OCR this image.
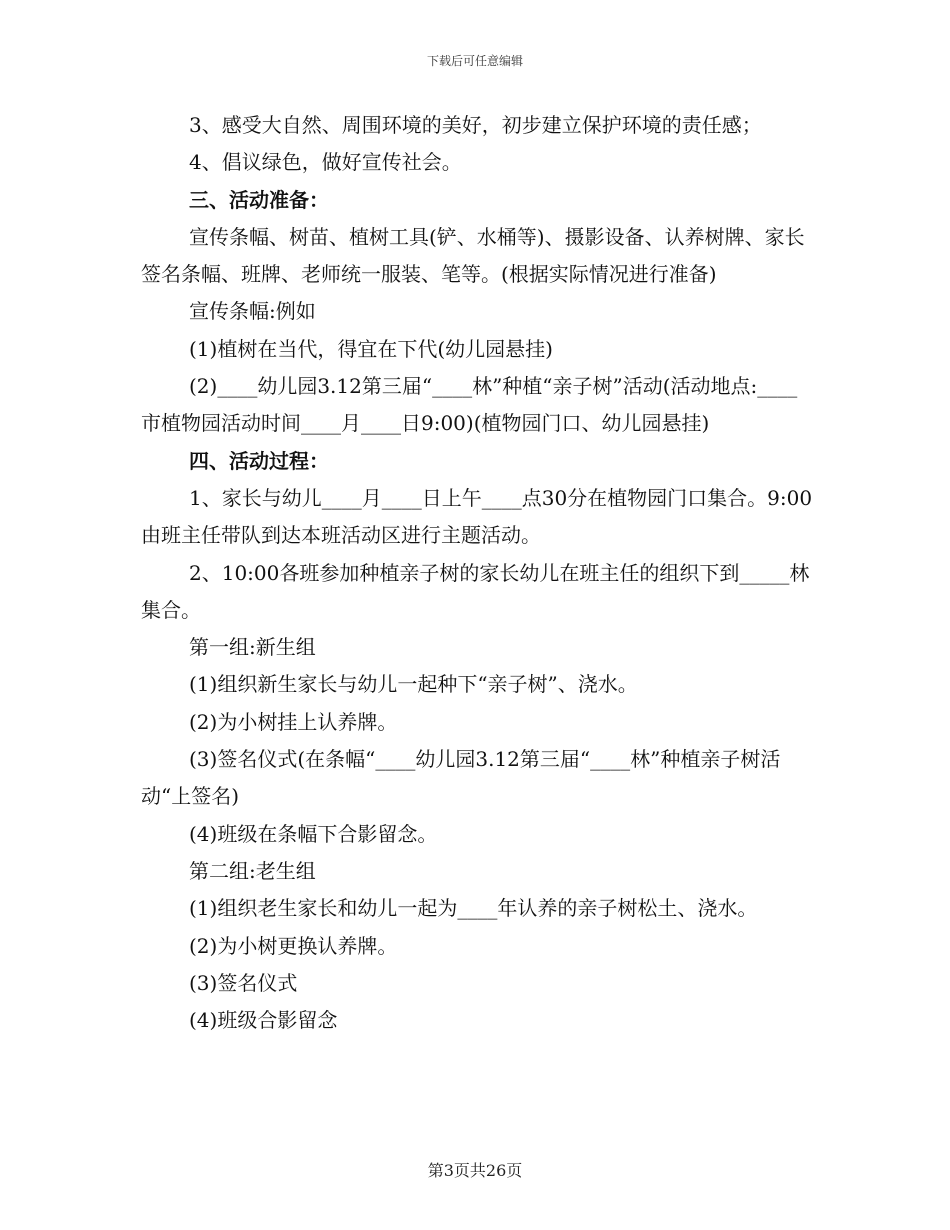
下载后可任意编辑

3、感受大自然、周围环境的美好，初步建立保护环境的责任感；

4、倡议绿色，做好宣传社会。

三、活动准备：

宣传条幅、树苗、植树工具(铲、水桶等)、摄影设备、认养树牌、家长签名条幅、班牌、老师统一服装、笔等。(根据实际情况进行准备)

宣传条幅:例如

(1)植树在当代，得宜在下代(幼儿园悬挂)

(2)____幼儿园3.12第三届“____林”种植“亲子树”活动(活动地点:____市植物园活动时间____月____日9:00)(植物园门口、幼儿园悬挂)

四、活动过程：

1、家长与幼儿____月____日上午____点30分在植物园门口集合。9:00由班主任带队到达本班活动区进行主题活动。

2、10:00各班参加种植亲子树的家长幼儿在班主任的组织下到_____林集合。

第一组:新生组

(1)组织新生家长与幼儿一起种下“亲子树”、浇水。

(2)为小树挂上认养牌。

(3)签名仪式(在条幅“____幼儿园3.12第三届“____林”种植亲子树活动“上签名)

(4)班级在条幅下合影留念。

第二组:老生组

(1)组织老生家长和幼儿一起为____年认养的亲子树松土、浇水。

(2)为小树更换认养牌。

(3)签名仪式

(4)班级合影留念

第3页共26页
